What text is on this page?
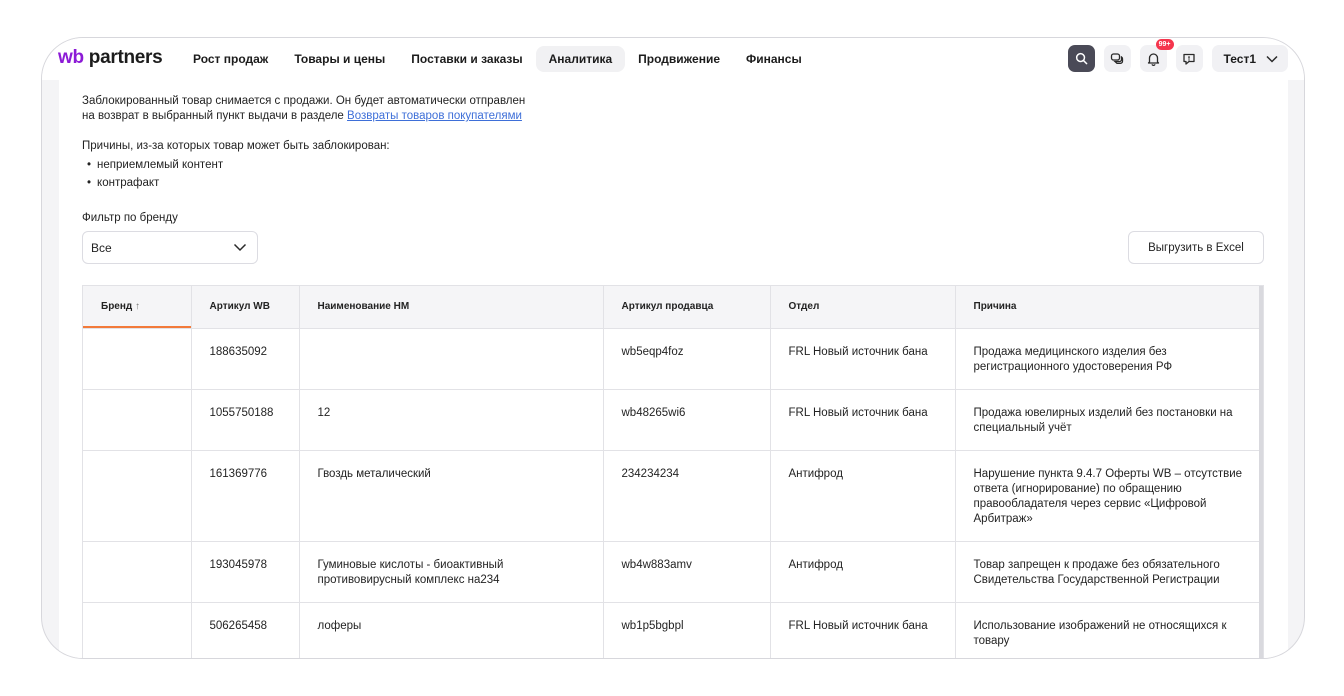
wb partners	Рост продаж	Товары и цены	Поставки и заказы	Аналитика	Продвижение	Финансы
99+
Тест1
Заблокированный товар снимается с продажи. Он будет автоматически отправлен
на возврат в выбранный пункт выдачи в разделе Возвраты товаров покупателями
Причины, из-за которых товар может быть заблокирован:
• неприемлемый контент
• контрафакт
Фильтр по бренду
Все	Выгрузить в Excel
Бренд ↑	Артикул WB	Наименование НМ	Артикул продавца	Отдел	Причина
	188635092		wb5eqp4foz	FRL Новый источник бана	Продажа медицинского изделия без регистрационного удостоверения РФ
	1055750188	12	wb48265wi6	FRL Новый источник бана	Продажа ювелирных изделий без постановки на специальный учёт
	161369776	Гвоздь металический	234234234	Антифрод	Нарушение пункта 9.4.7 Оферты WB – отсутствие ответа (игнорирование) по обращению правообладателя через сервис «Цифровой Арбитраж»
	193045978	Гуминовые кислоты - биоактивный противовирусный комплекс на234	wb4w883amv	Антифрод	Товар запрещен к продаже без обязательного Свидетельства Государственной Регистрации
	506265458	лоферы	wb1p5bgbpl	FRL Новый источник бана	Использование изображений не относящихся к товару
